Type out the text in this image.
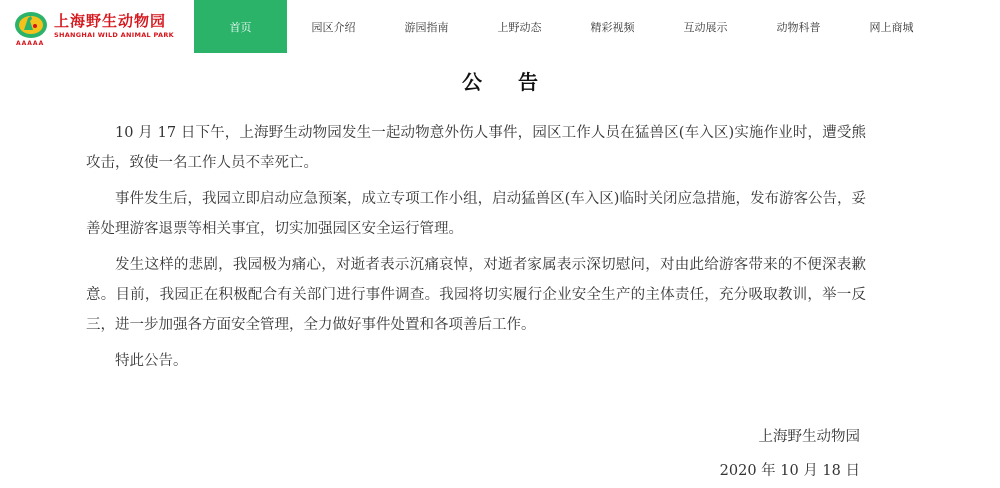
AAAAA
上海野生动物园
SHANGHAI WILD ANIMAL PARK
首页	园区介绍	游园指南	上野动态	精彩视频	互动展示	动物科普	网上商城
公告

10 月 17 日下午，上海野生动物园发生一起动物意外伤人事件，园区工作人员在猛兽区(车入区)实施作业时，遭受熊攻击，致使一名工作人员不幸死亡。

事件发生后，我园立即启动应急预案，成立专项工作小组，启动猛兽区(车入区)临时关闭应急措施，发布游客公告，妥善处理游客退票等相关事宜，切实加强园区安全运行管理。

发生这样的悲剧，我园极为痛心，对逝者表示沉痛哀悼，对逝者家属表示深切慰问，对由此给游客带来的不便深表歉意。目前，我园正在积极配合有关部门进行事件调查。我园将切实履行企业安全生产的主体责任，充分吸取教训，举一反三，进一步加强各方面安全管理，全力做好事件处置和各项善后工作。

特此公告。

上海野生动物园
2020 年 10 月 18 日
